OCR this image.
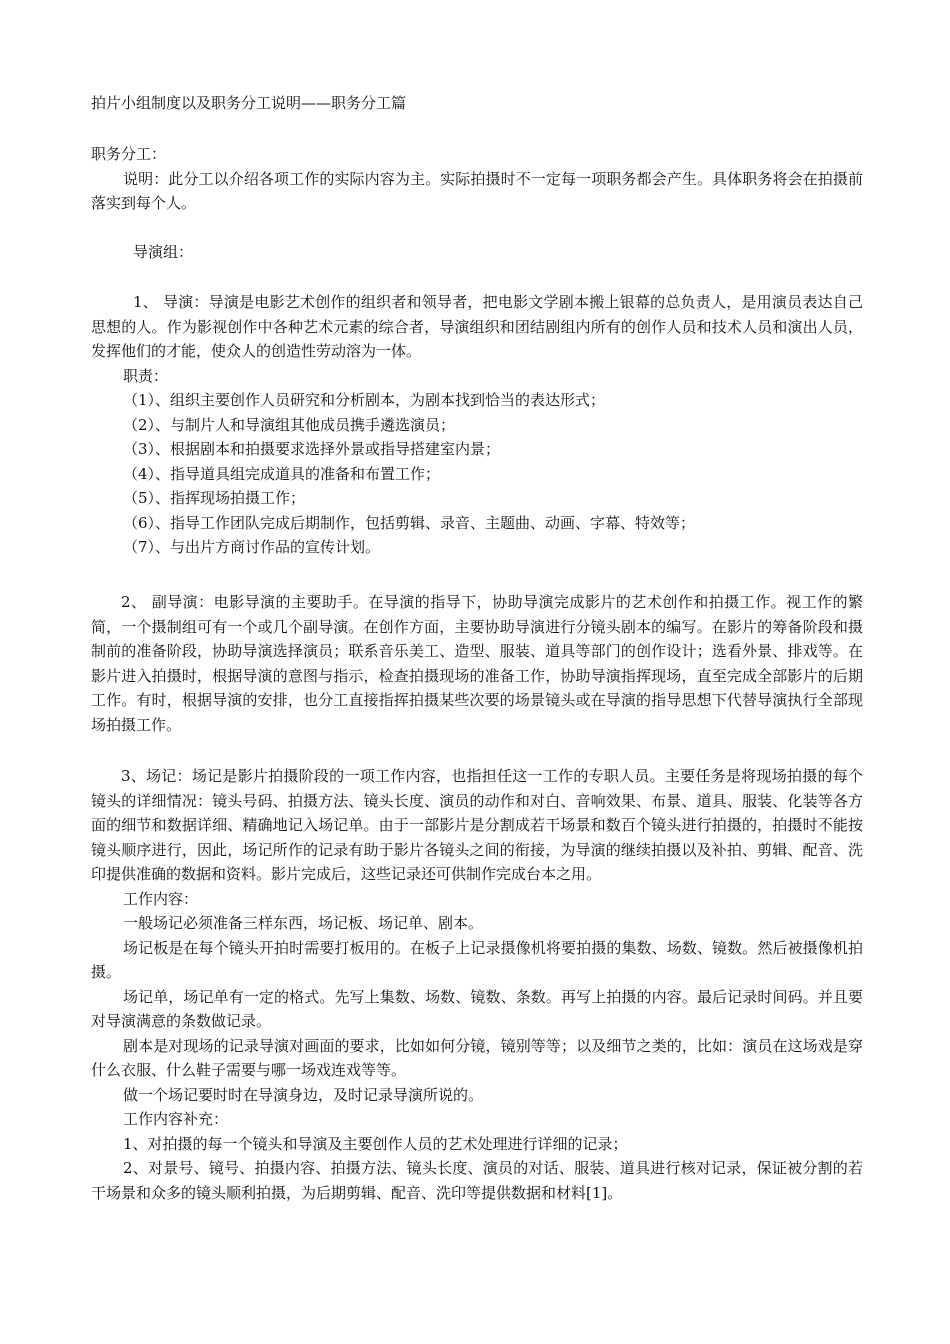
拍片小组制度以及职务分工说明——职务分工篇

职务分工：

说明：此分工以介绍各项工作的实际内容为主。实际拍摄时不一定每一项职务都会产生。具体职务将会在拍摄前落实到每个人。

导演组：

1、 导演：导演是电影艺术创作的组织者和领导者，把电影文学剧本搬上银幕的总负责人，是用演员表达自己思想的人。作为影视创作中各种艺术元素的综合者，导演组织和团结剧组内所有的创作人员和技术人员和演出人员，发挥他们的才能，使众人的创造性劳动溶为一体。

职责：

（1）、组织主要创作人员研究和分析剧本，为剧本找到恰当的表达形式；

（2）、与制片人和导演组其他成员携手遴选演员；

（3）、根据剧本和拍摄要求选择外景或指导搭建室内景；

（4）、指导道具组完成道具的准备和布置工作；

（5）、指挥现场拍摄工作；

（6）、指导工作团队完成后期制作，包括剪辑、录音、主题曲、动画、字幕、特效等；

（7）、与出片方商讨作品的宣传计划。

2、 副导演：电影导演的主要助手。在导演的指导下，协助导演完成影片的艺术创作和拍摄工作。视工作的繁简，一个摄制组可有一个或几个副导演。在创作方面，主要协助导演进行分镜头剧本的编写。在影片的筹备阶段和摄制前的准备阶段，协助导演选择演员；联系音乐美工、造型、服装、道具等部门的创作设计；选看外景、排戏等。在影片进入拍摄时，根据导演的意图与指示，检查拍摄现场的准备工作，协助导演指挥现场，直至完成全部影片的后期工作。有时，根据导演的安排，也分工直接指挥拍摄某些次要的场景镜头或在导演的指导思想下代替导演执行全部现场拍摄工作。

3、场记：场记是影片拍摄阶段的一项工作内容，也指担任这一工作的专职人员。主要任务是将现场拍摄的每个镜头的详细情况：镜头号码、拍摄方法、镜头长度、演员的动作和对白、音响效果、布景、道具、服装、化装等各方面的细节和数据详细、精确地记入场记单。由于一部影片是分割成若干场景和数百个镜头进行拍摄的，拍摄时不能按镜头顺序进行，因此，场记所作的记录有助于影片各镜头之间的衔接，为导演的继续拍摄以及补拍、剪辑、配音、洗印提供准确的数据和资料。影片完成后，这些记录还可供制作完成台本之用。

工作内容：

一般场记必须准备三样东西，场记板、场记单、剧本。

场记板是在每个镜头开拍时需要打板用的。在板子上记录摄像机将要拍摄的集数、场数、镜数。然后被摄像机拍摄。

场记单，场记单有一定的格式。先写上集数、场数、镜数、条数。再写上拍摄的内容。最后记录时间码。并且要对导演满意的条数做记录。

剧本是对现场的记录导演对画面的要求，比如如何分镜，镜别等等；以及细节之类的，比如：演员在这场戏是穿什么衣服、什么鞋子需要与哪一场戏连戏等等。

做一个场记要时时在导演身边，及时记录导演所说的。

工作内容补充：

1、对拍摄的每一个镜头和导演及主要创作人员的艺术处理进行详细的记录；

2、对景号、镜号、拍摄内容、拍摄方法、镜头长度、演员的对话、服装、道具进行核对记录，保证被分割的若干场景和众多的镜头顺利拍摄，为后期剪辑、配音、洗印等提供数据和材料[1]。
